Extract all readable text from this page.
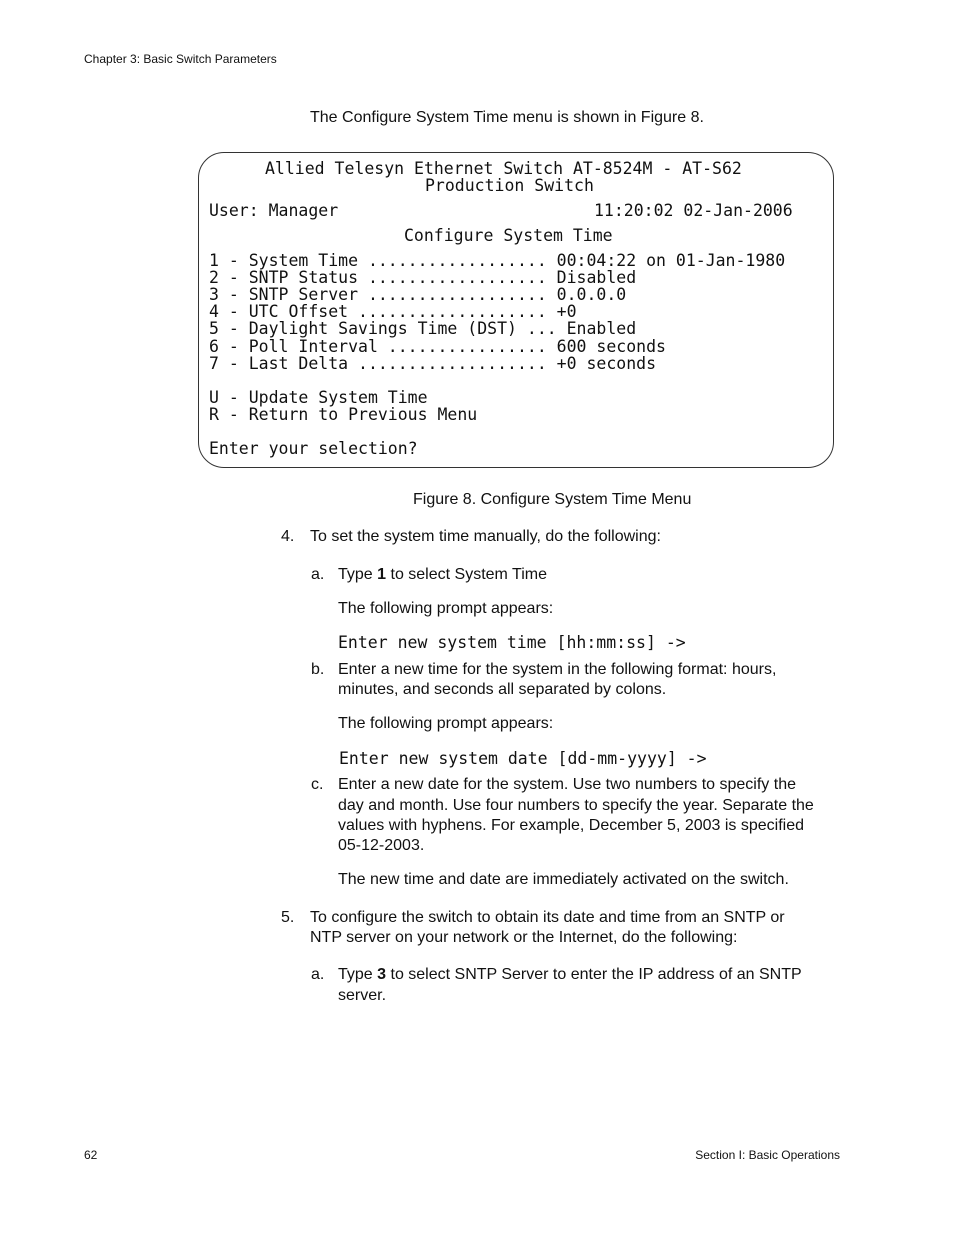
Chapter 3: Basic Switch Parameters
The Configure System Time menu is shown in Figure 8.
Allied Telesyn Ethernet Switch AT-8524M - AT-S62
Production Switch
User: Manager	11:20:02 02-Jan-2006
Configure System Time
1 - System Time .................. 00:04:22 on 01-Jan-1980
2 - SNTP Status .................. Disabled
3 - SNTP Server .................. 0.0.0.0
4 - UTC Offset ................... +0
5 - Daylight Savings Time (DST) ... Enabled
6 - Poll Interval ................ 600 seconds
7 - Last Delta ................... +0 seconds
U - Update System Time
R - Return to Previous Menu
Enter your selection?
Figure 8. Configure System Time Menu
4. To set the system time manually, do the following:
a. Type 1 to select System Time
The following prompt appears:
Enter new system time [hh:mm:ss] ->
b. Enter a new time for the system in the following format: hours,
minutes, and seconds all separated by colons.
The following prompt appears:
Enter new system date [dd-mm-yyyy] ->
c. Enter a new date for the system. Use two numbers to specify the
day and month. Use four numbers to specify the year. Separate the
values with hyphens. For example, December 5, 2003 is specified
05-12-2003.
The new time and date are immediately activated on the switch.
5. To configure the switch to obtain its date and time from an SNTP or
NTP server on your network or the Internet, do the following:
a. Type 3 to select SNTP Server to enter the IP address of an SNTP
server.
62	Section I: Basic Operations
